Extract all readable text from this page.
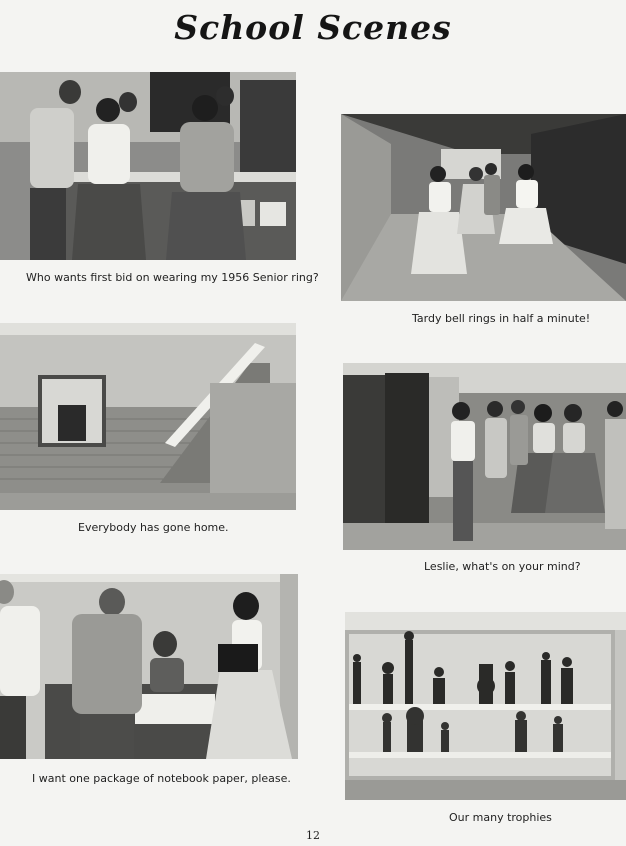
School Scenes
Who wants first bid on wearing my 1956 Senior ring?
Tardy bell rings in half a minute!
Everybody has gone home.
Leslie, what's on your mind?
I want one package of notebook paper, please.
Our many trophies
12
